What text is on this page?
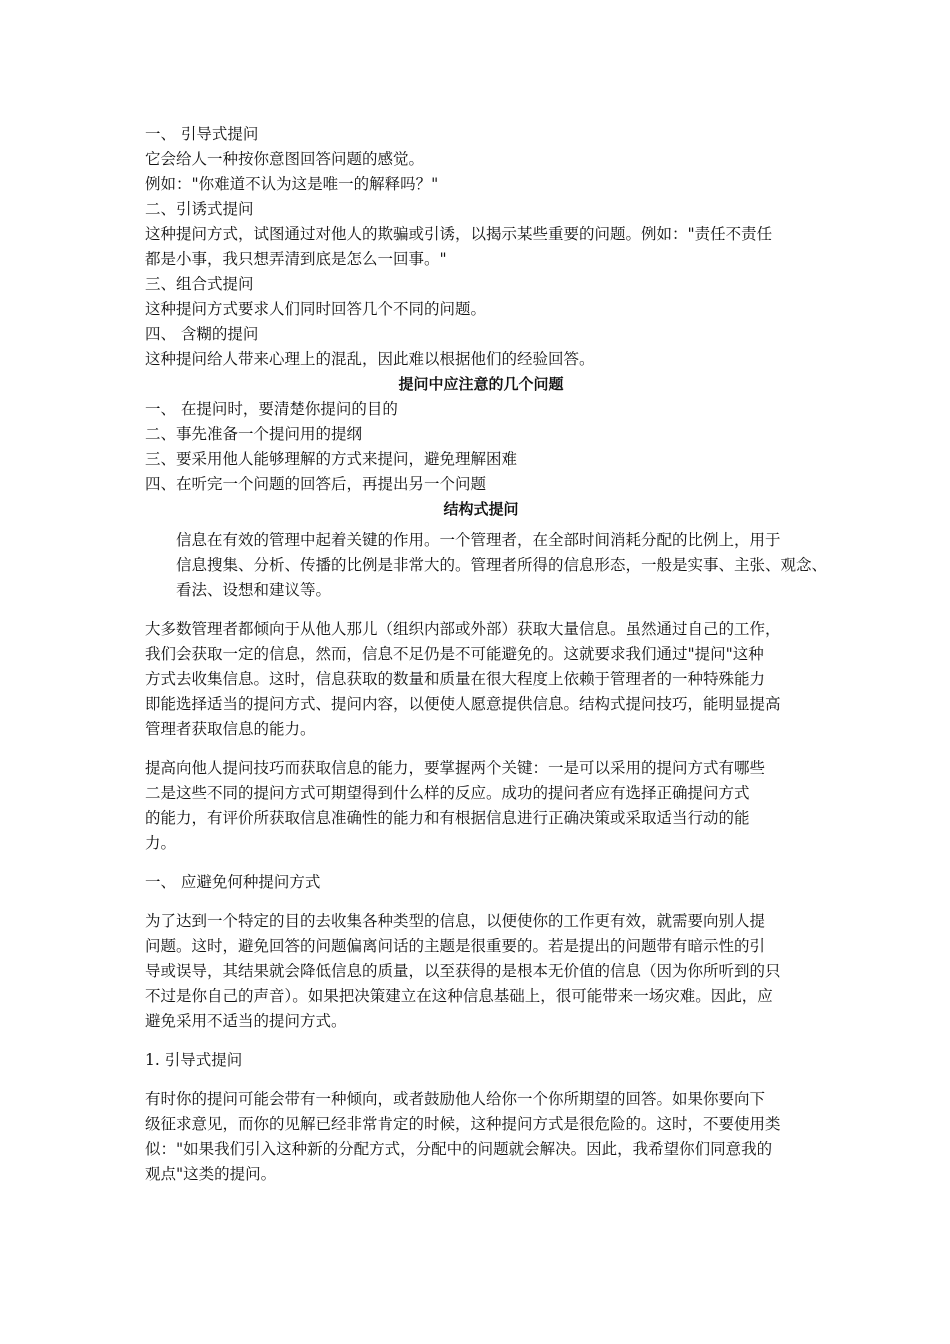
一、 引导式提问
它会给人一种按你意图回答问题的感觉。
例如："你难道不认为这是唯一的解释吗？"
二、引诱式提问
这种提问方式，试图通过对他人的欺骗或引诱，以揭示某些重要的问题。例如："责任不责任
都是小事，我只想弄清到底是怎么一回事。"
三、组合式提问
这种提问方式要求人们同时回答几个不同的问题。
四、 含糊的提问
这种提问给人带来心理上的混乱，因此难以根据他们的经验回答。
提问中应注意的几个问题
一、 在提问时，要清楚你提问的目的
二、事先准备一个提问用的提纲
三、要采用他人能够理解的方式来提问，避免理解困难
四、在听完一个问题的回答后，再提出另一个问题
结构式提问
信息在有效的管理中起着关键的作用。一个管理者，在全部时间消耗分配的比例上，用于
信息搜集、分析、传播的比例是非常大的。管理者所得的信息形态，一般是实事、主张、观念、
看法、设想和建议等。
大多数管理者都倾向于从他人那儿（组织内部或外部）获取大量信息。虽然通过自己的工作，
我们会获取一定的信息，然而，信息不足仍是不可能避免的。这就要求我们通过"提问"这种
方式去收集信息。这时，信息获取的数量和质量在很大程度上依赖于管理者的一种特殊能力
即能选择适当的提问方式、提问内容，以便使人愿意提供信息。结构式提问技巧，能明显提高
管理者获取信息的能力。
提高向他人提问技巧而获取信息的能力，要掌握两个关键：一是可以采用的提问方式有哪些
二是这些不同的提问方式可期望得到什么样的反应。成功的提问者应有选择正确提问方式
的能力，有评价所获取信息准确性的能力和有根据信息进行正确决策或采取适当行动的能
力。
一、 应避免何种提问方式
为了达到一个特定的目的去收集各种类型的信息，以便使你的工作更有效，就需要向别人提
问题。这时，避免回答的问题偏离问话的主题是很重要的。若是提出的问题带有暗示性的引
导或误导，其结果就会降低信息的质量，以至获得的是根本无价值的信息（因为你所听到的只
不过是你自己的声音）。如果把决策建立在这种信息基础上，很可能带来一场灾难。因此，应
避免采用不适当的提问方式。
1. 引导式提问
有时你的提问可能会带有一种倾向，或者鼓励他人给你一个你所期望的回答。如果你要向下
级征求意见，而你的见解已经非常肯定的时候，这种提问方式是很危险的。这时，不要使用类
似："如果我们引入这种新的分配方式，分配中的问题就会解决。因此，我希望你们同意我的
观点"这类的提问。
